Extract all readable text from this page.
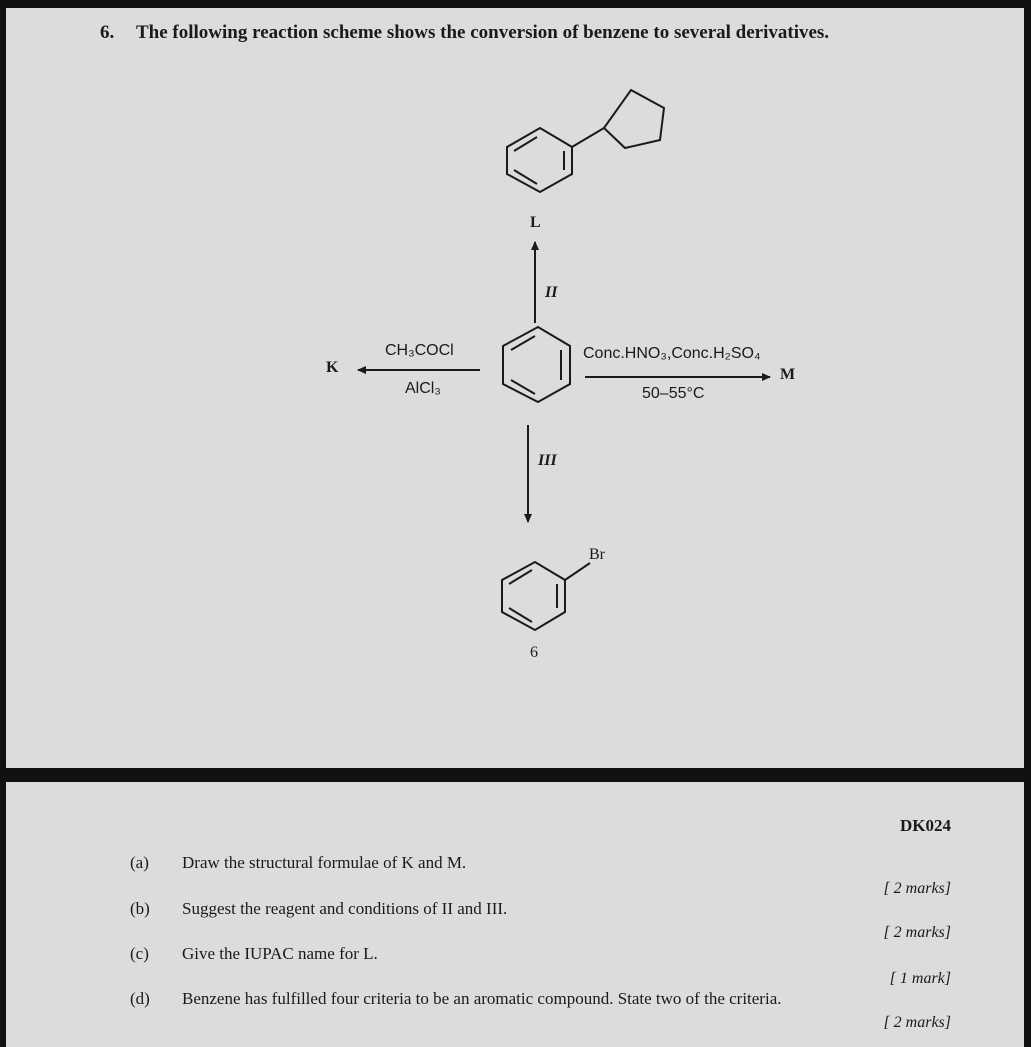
6. The following reaction scheme shows the conversion of benzene to several derivatives.
L
II
K
CH₃COCl
AlCl₃
Conc.HNO₃,Conc.H₂SO₄
50–55°C
M
III
Br
6
DK024
(a) Draw the structural formulae of K and M.
[ 2 marks]
(b) Suggest the reagent and conditions of II and III.
[ 2 marks]
(c) Give the IUPAC name for L.
[ 1 mark]
(d) Benzene has fulfilled four criteria to be an aromatic compound. State two of the criteria.
[ 2 marks]
